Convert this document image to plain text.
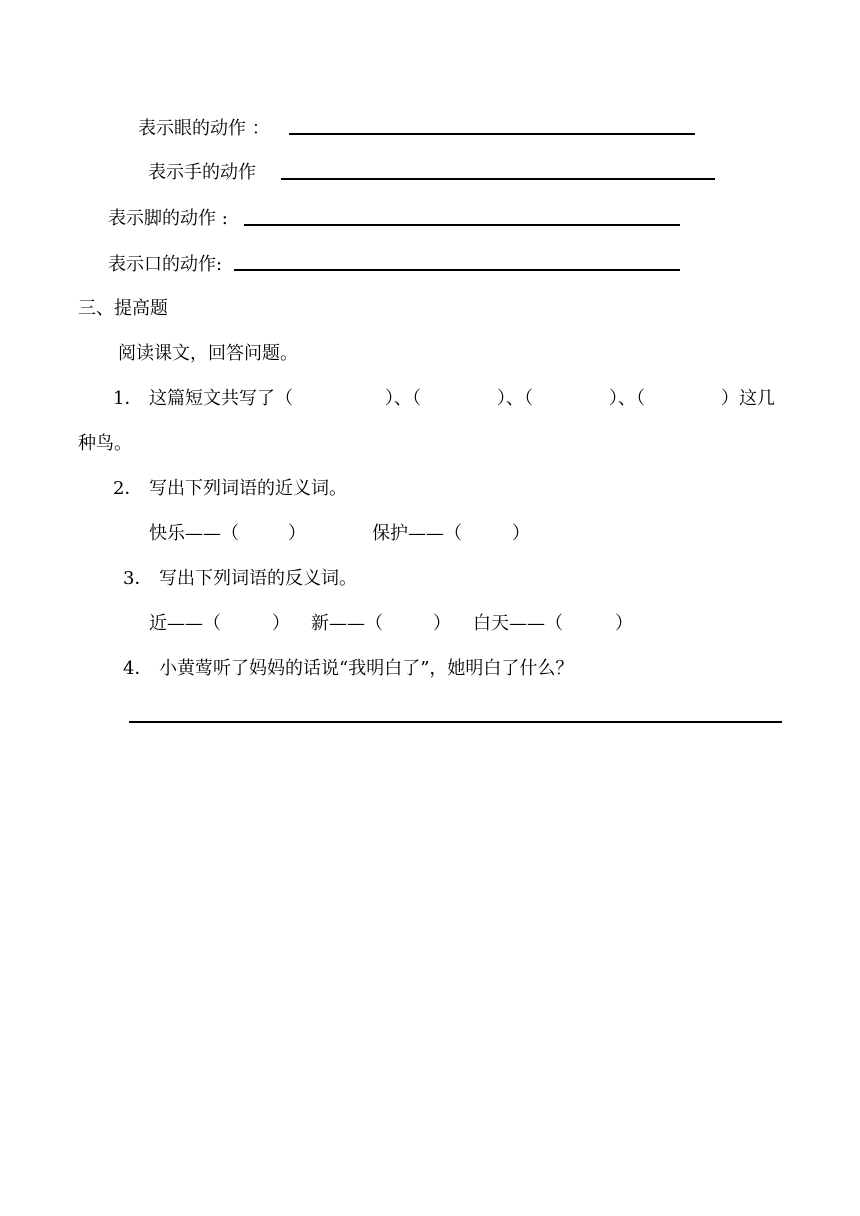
表示眼的动作 ：
表示手的动作
表示脚的动作 :
表示口的动作:
三、提高题
阅读课文，回答问题。
1． 这篇短文共写了（	）、（	）、（	）、（	）这几
种鸟。
2． 写出下列词语的近义词。
快乐——（	）	保护——（	）
3． 写出下列词语的反义词。
近——（	） 新——（	） 白天——（	）
4． 小黄莺听了妈妈的话说“我明白了”，她明白了什么？
